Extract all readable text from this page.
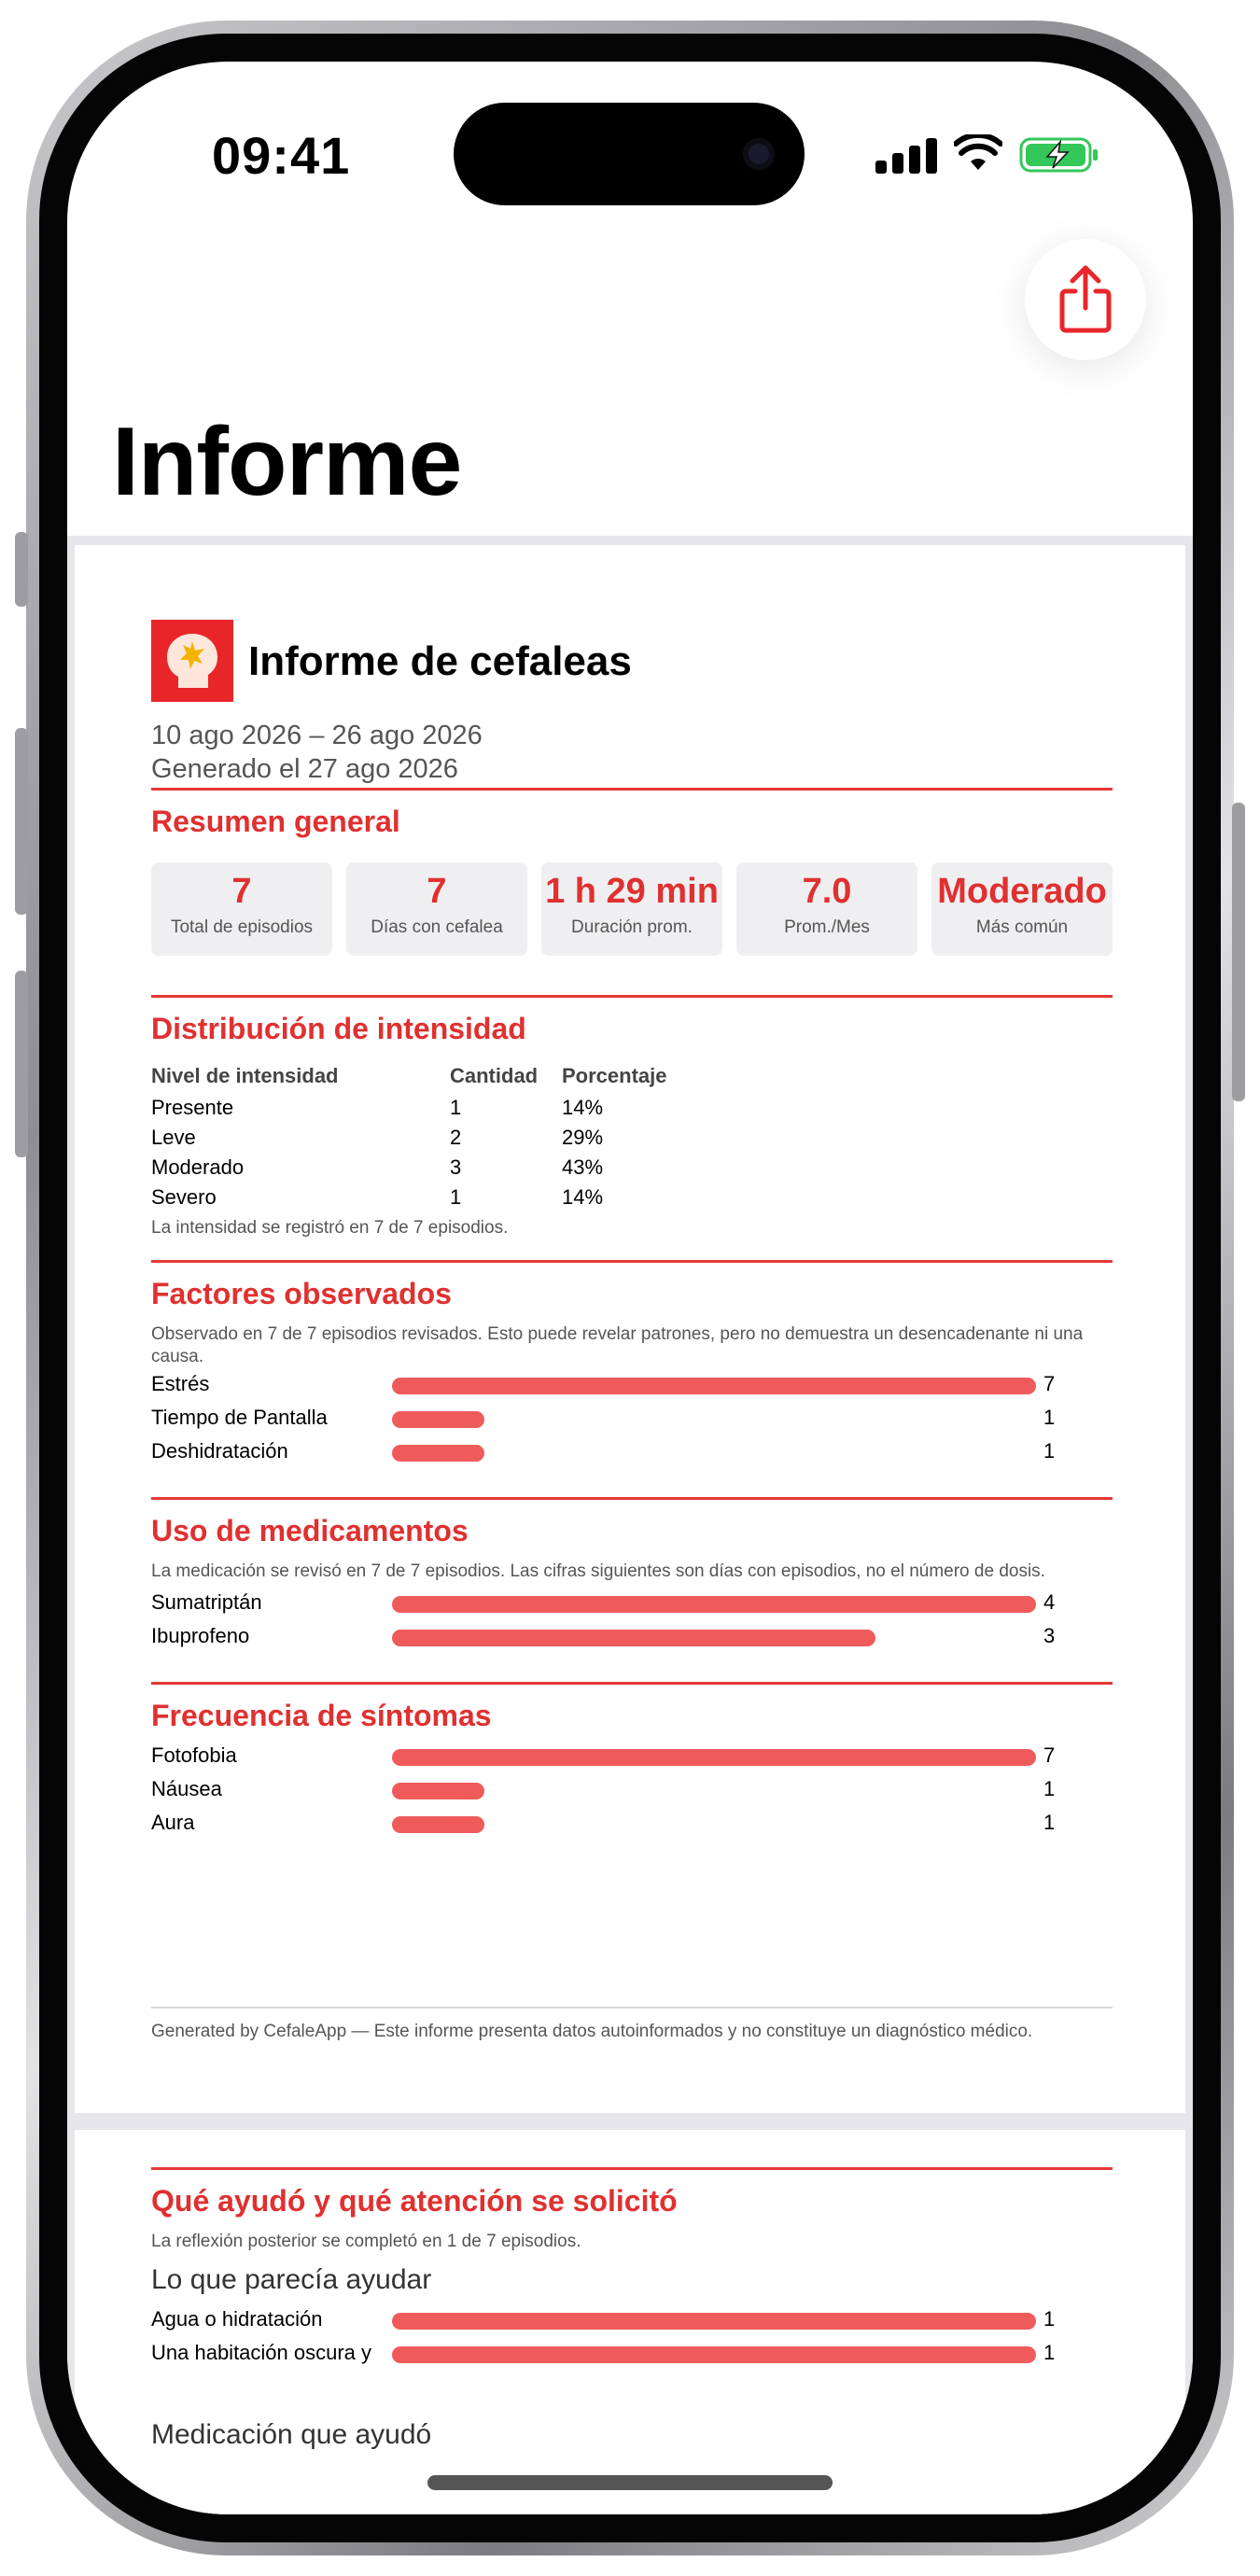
09:41
Informe
Informe de cefaleas
10 ago 2026 – 26 ago 2026
Generado el 27 ago 2026
Resumen general
7
Total de episodios
7
Días con cefalea
1 h 29 min
Duración prom.
7.0
Prom./Mes
Moderado
Más común
Distribución de intensidad
Nivel de intensidad	Cantidad Porcentaje
Presente	1	14%
Leve	2	29%
Moderado	3	43%
Severo	1	14%
La intensidad se registró en 7 de 7 episodios.
Factores observados
Observado en 7 de 7 episodios revisados. Esto puede revelar patrones, pero no demuestra un desencadenante ni una causa.
Estrés	7
Tiempo de Pantalla	1
Deshidratación	1
Uso de medicamentos
La medicación se revisó en 7 de 7 episodios. Las cifras siguientes son días con episodios, no el número de dosis.
Sumatriptán	4
Ibuprofeno	3
Frecuencia de síntomas
Fotofobia	7
Náusea	1
Aura	1
Generated by CefaleApp — Este informe presenta datos autoinformados y no constituye un diagnóstico médico.
Qué ayudó y qué atención se solicitó
La reflexión posterior se completó en 1 de 7 episodios.
Lo que parecía ayudar
Agua o hidratación	1
Una habitación oscura y	1
Medicación que ayudó
